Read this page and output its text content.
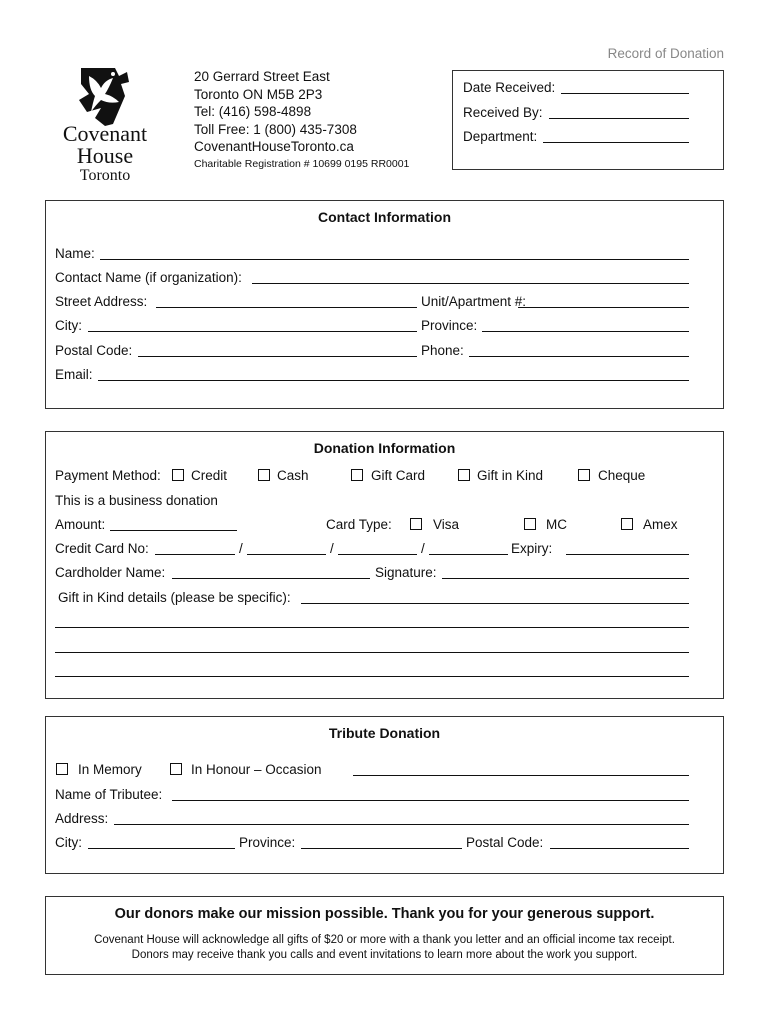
Record of Donation
Covenant
House
Toronto
20 Gerrard Street East
Toronto ON M5B 2P3
Tel: (416) 598-4898
Toll Free: 1 (800) 435-7308
CovenantHouseToronto.ca
Charitable Registration # 10699 0195 RR0001
Date Received:
Received By:
Department:
Contact Information
Name:
Contact Name (if organization):
Street Address:	Unit/Apartment #:
City:	Province:
Postal Code:	Phone:
Email:
Donation Information
Payment Method: Credit	Cash	Gift Card	Gift in Kind	Cheque
This is a business donation
Amount:	Card Type:	Visa	MC	Amex
Credit Card No:	/	/	/	Expiry:
Cardholder Name:	Signature:
Gift in Kind details (please be specific):
Tribute Donation
In Memory	In Honour – Occasion
Name of Tributee:
Address:
City:	Province:	Postal Code:
Our donors make our mission possible. Thank you for your generous support.
Covenant House will acknowledge all gifts of $20 or more with a thank you letter and an official income tax receipt.
Donors may receive thank you calls and event invitations to learn more about the work you support.
